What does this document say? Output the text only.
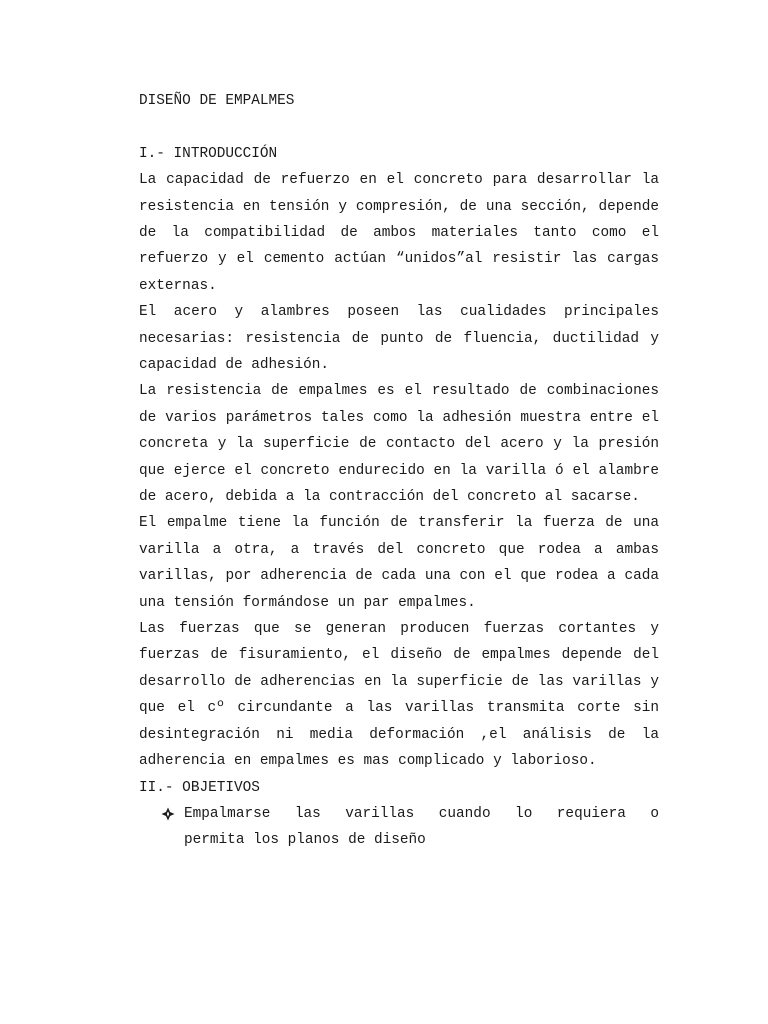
DISEÑO DE EMPALMES
I.- INTRODUCCIÓN

La capacidad de refuerzo en el concreto para desarrollar la resistencia en tensión y compresión, de una sección, depende de la compatibilidad de ambos materiales tanto como el refuerzo y el cemento actúan “unidos”al resistir las cargas externas.

El acero y alambres poseen las cualidades principales necesarias: resistencia de punto de fluencia, ductilidad y capacidad de adhesión.

La resistencia de empalmes es el resultado de combinaciones de varios parámetros tales como la adhesión muestra entre el concreta y la superficie de contacto del acero y la presión que ejerce el concreto endurecido en la varilla ó el alambre de acero, debida a la contracción del concreto al sacarse.

El empalme tiene la función de transferir la fuerza de una varilla a otra, a través del concreto que rodea a ambas varillas, por adherencia de cada una con el que rodea a cada una tensión formándose un par empalmes.

Las fuerzas que se generan producen fuerzas cortantes y fuerzas de fisuramiento, el diseño de empalmes depende del desarrollo de adherencias en la superficie de las varillas y que el cº circundante a las varillas transmita corte sin desintegración ni media deformación ,el análisis de la adherencia en empalmes es mas complicado y laborioso.

II.- OBJETIVOS
Empalmarse las varillas cuando lo requiera o
permita los planos de diseño
